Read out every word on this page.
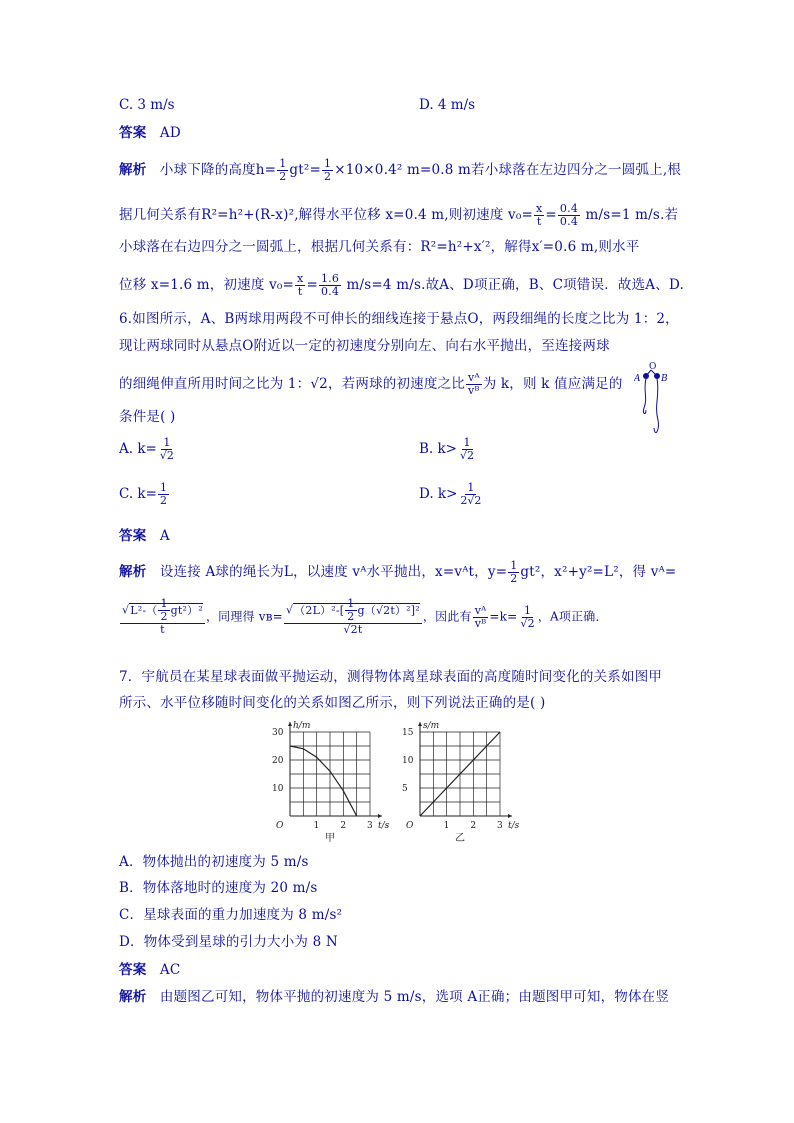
C. 3 m/s	D. 4 m/s
答案 AD
解析 小球下降的高度$h= \frac{1}{2} gt^2= \frac{1}{2} \times 10\times 0.4^2$ m=0.8 m若小球落在左边四分之一圆弧上,根
据几何关系有R²=h²+(R-x)²,解得水平位移 x=0.4 m,则初速度 $v_0= \frac{x}{t} = \frac{0.4}{0.4} m/s=1$ m/s.若
小球落在右边四分之一圆弧上，根据几何关系有：R²=h²+x′²，解得x′=0.6 m,则水平
位移 x=1.6 m，初速度 $v_0= \frac{x}{t} = \frac{1.6}{0.4} m/s=4$ m/s.故A、D项正确，B、C项错误．故选A、D.
6.如图所示，A、B两球用两段不可伸长的细线连接于悬点O，两段细绳的长度之比为 1：2，
现让两球同时从悬点O附近以一定的初速度分别向左、向右水平抛出，至连接两球
的细绳伸直所用时间之比为 1：√2，若两球的初速度之比 $\frac{\text{vᴬ}}{\text{vᴮ}}$ 为 k，则 k 值应满足的
条件是( )
O
A B
A. $k= \frac{1}{√2}$	B. $k> \frac{1}{√2}$
C. $k= \frac{1}{2}$	D. $k> \frac{1}{2√2}$
答案 A
解析 设连接 A球的绳长为L，以速度 vᴬ水平抛出，x=vᴬt，$y= \frac{1}{2} gt^2$，x²+y²=L²，得 vᴬ=
$\frac{√L^2-( \frac{1}{2} gt^2)^2}{t}$ ，同理得 vʙ= $\frac{√(2L)^2-[ \frac{1}{2} g(√2t)^2]^2}{√2t}$ ，因此有 $\frac{\text{vᴬ}}{\text{vᴮ}} =k= \frac{1}{√2}$ ，A项正确．
7．宇航员在某星球表面做平抛运动，测得物体离星球表面的高度随时间变化的关系如图甲
所示、水平位移随时间变化的关系如图乙所示，则下列说法正确的是( )
1 2 3
10
20
30
O	t/s
h/m
甲
1 2 3
5
10
15
O	t/s
s/m
乙
A．物体抛出的初速度为 5 m/s
B．物体落地时的速度为 20 m/s
C．星球表面的重力加速度为 8 m/s²
D．物体受到星球的引力大小为 8 N
答案 AC
解析 由题图乙可知，物体平抛的初速度为 5 m/s，选项 A正确；由题图甲可知，物体在竖
